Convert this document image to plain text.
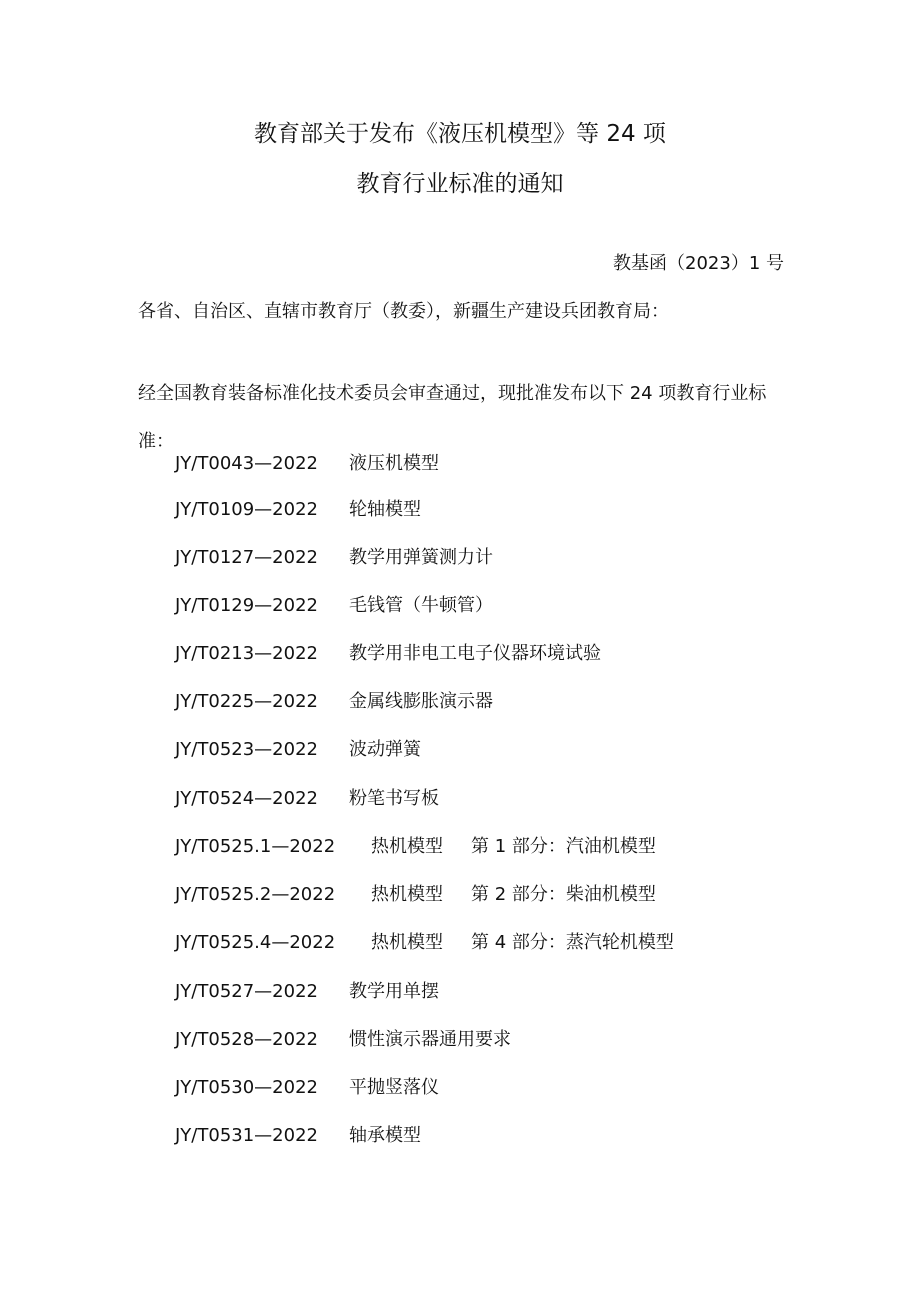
教育部关于发布《液压机模型》等 24 项
教育行业标准的通知
教基函（2023）1 号
各省、自治区、直辖市教育厅（教委），新疆生产建设兵团教育局：
经全国教育装备标准化技术委员会审查通过，现批准发布以下 24 项教育行业标准：
JY/T0043—2022 液压机模型
JY/T0109—2022 轮轴模型
JY/T0127—2022 教学用弹簧测力计
JY/T0129—2022 毛钱管（牛顿管）
JY/T0213—2022 教学用非电工电子仪器环境试验
JY/T0225—2022 金属线膨胀演示器
JY/T0523—2022 波动弹簧
JY/T0524—2022 粉笔书写板
JY/T0525.1—2022 热机模型 第 1 部分：汽油机模型
JY/T0525.2—2022 热机模型 第 2 部分：柴油机模型
JY/T0525.4—2022 热机模型 第 4 部分：蒸汽轮机模型
JY/T0527—2022 教学用单摆
JY/T0528—2022 惯性演示器通用要求
JY/T0530—2022 平抛竖落仪
JY/T0531—2022 轴承模型
